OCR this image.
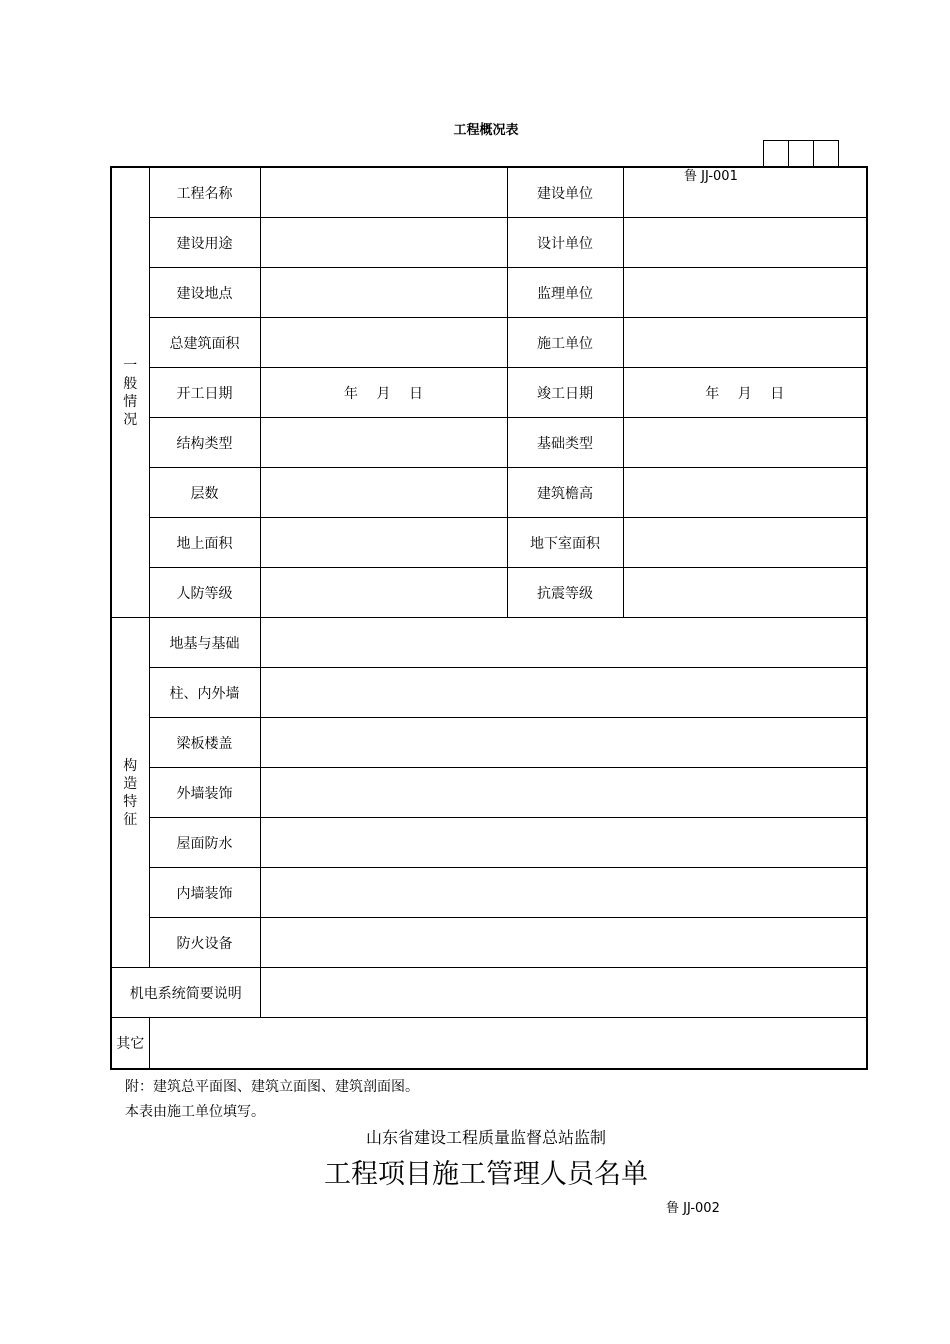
工程概况表
鲁 JJ-001
一
般
情
况	工程名称		建设单位	
	建设用途		设计单位	
	建设地点		监理单位	
	总建筑面积		施工单位	
	开工日期	年　 月　 日	竣工日期	年　 月　 日
	结构类型		基础类型	
	层数		建筑檐高	
	地上面积		地下室面积	
	人防等级		抗震等级	

构
造
特
征	地基与基础			
	柱、内外墙			
	梁板楼盖			
	外墙装饰			
	屋面防水			
	内墙装饰			
	防火设备			
机电系统简要说明				
其它				
附：建筑总平面图、建筑立面图、建筑剖面图。
本表由施工单位填写。
山东省建设工程质量监督总站监制
工程项目施工管理人员名单
鲁 JJ-002
